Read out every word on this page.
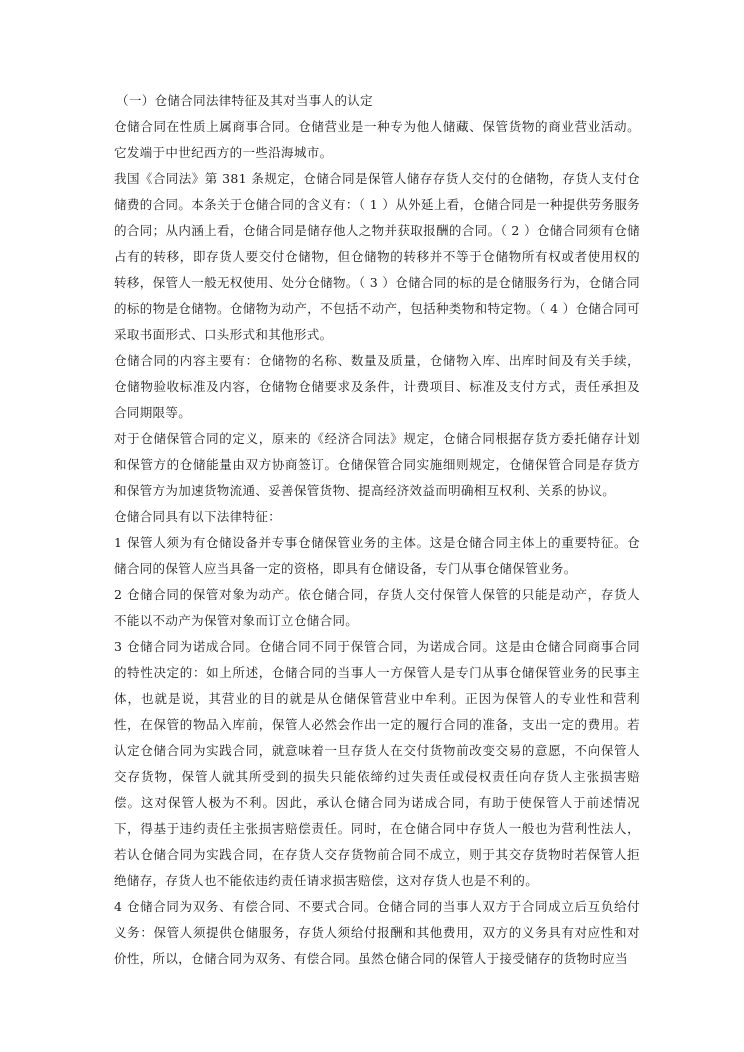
（一）仓储合同法律特征及其对当事人的认定

仓储合同在性质上属商事合同。仓储营业是一种专为他人储藏、保管货物的商业营业活动。它发端于中世纪西方的一些沿海城市。

我国《合同法》第 381 条规定，仓储合同是保管人储存存货人交付的仓储物，存货人支付仓储费的合同。本条关于仓储合同的含义有：（ 1 ）从外延上看，仓储合同是一种提供劳务服务的合同；从内涵上看，仓储合同是储存他人之物并获取报酬的合同。（ 2 ）仓储合同须有仓储占有的转移，即存货人要交付仓储物，但仓储物的转移并不等于仓储物所有权或者使用权的转移，保管人一般无权使用、处分仓储物。（ 3 ）仓储合同的标的是仓储服务行为，仓储合同的标的物是仓储物。仓储物为动产，不包括不动产，包括种类物和特定物。（ 4 ）仓储合同可采取书面形式、口头形式和其他形式。

仓储合同的内容主要有：仓储物的名称、数量及质量，仓储物入库、出库时间及有关手续，仓储物验收标准及内容，仓储物仓储要求及条件，计费项目、标准及支付方式，责任承担及合同期限等。

对于仓储保管合同的定义，原来的《经济合同法》规定，仓储合同根据存货方委托储存计划和保管方的仓储能量由双方协商签订。仓储保管合同实施细则规定，仓储保管合同是存货方和保管方为加速货物流通、妥善保管货物、提高经济效益而明确相互权利、关系的协议。

仓储合同具有以下法律特征：

1 保管人须为有仓储设备并专事仓储保管业务的主体。这是仓储合同主体上的重要特征。仓储合同的保管人应当具备一定的资格，即具有仓储设备，专门从事仓储保管业务。

2 仓储合同的保管对象为动产。依仓储合同，存货人交付保管人保管的只能是动产，存货人不能以不动产为保管对象而订立仓储合同。

3 仓储合同为诺成合同。仓储合同不同于保管合同，为诺成合同。这是由仓储合同商事合同的特性决定的：如上所述，仓储合同的当事人一方保管人是专门从事仓储保管业务的民事主体，也就是说，其营业的目的就是从仓储保管营业中牟利。正因为保管人的专业性和营利性，在保管的物品入库前，保管人必然会作出一定的履行合同的准备，支出一定的费用。若认定仓储合同为实践合同，就意味着一旦存货人在交付货物前改变交易的意愿，不向保管人交存货物，保管人就其所受到的损失只能依缔约过失责任或侵权责任向存货人主张损害赔偿。这对保管人极为不利。因此，承认仓储合同为诺成合同，有助于使保管人于前述情况下，得基于违约责任主张损害赔偿责任。同时，在仓储合同中存货人一般也为营利性法人，若认仓储合同为实践合同，在存货人交存货物前合同不成立，则于其交存货物时若保管人拒绝储存，存货人也不能依违约责任请求损害赔偿，这对存货人也是不利的。

4 仓储合同为双务、有偿合同、不要式合同。仓储合同的当事人双方于合同成立后互负给付义务：保管人须提供仓储服务，存货人须给付报酬和其他费用，双方的义务具有对应性和对价性，所以，仓储合同为双务、有偿合同。虽然仓储合同的保管人于接受储存的货物时应当
